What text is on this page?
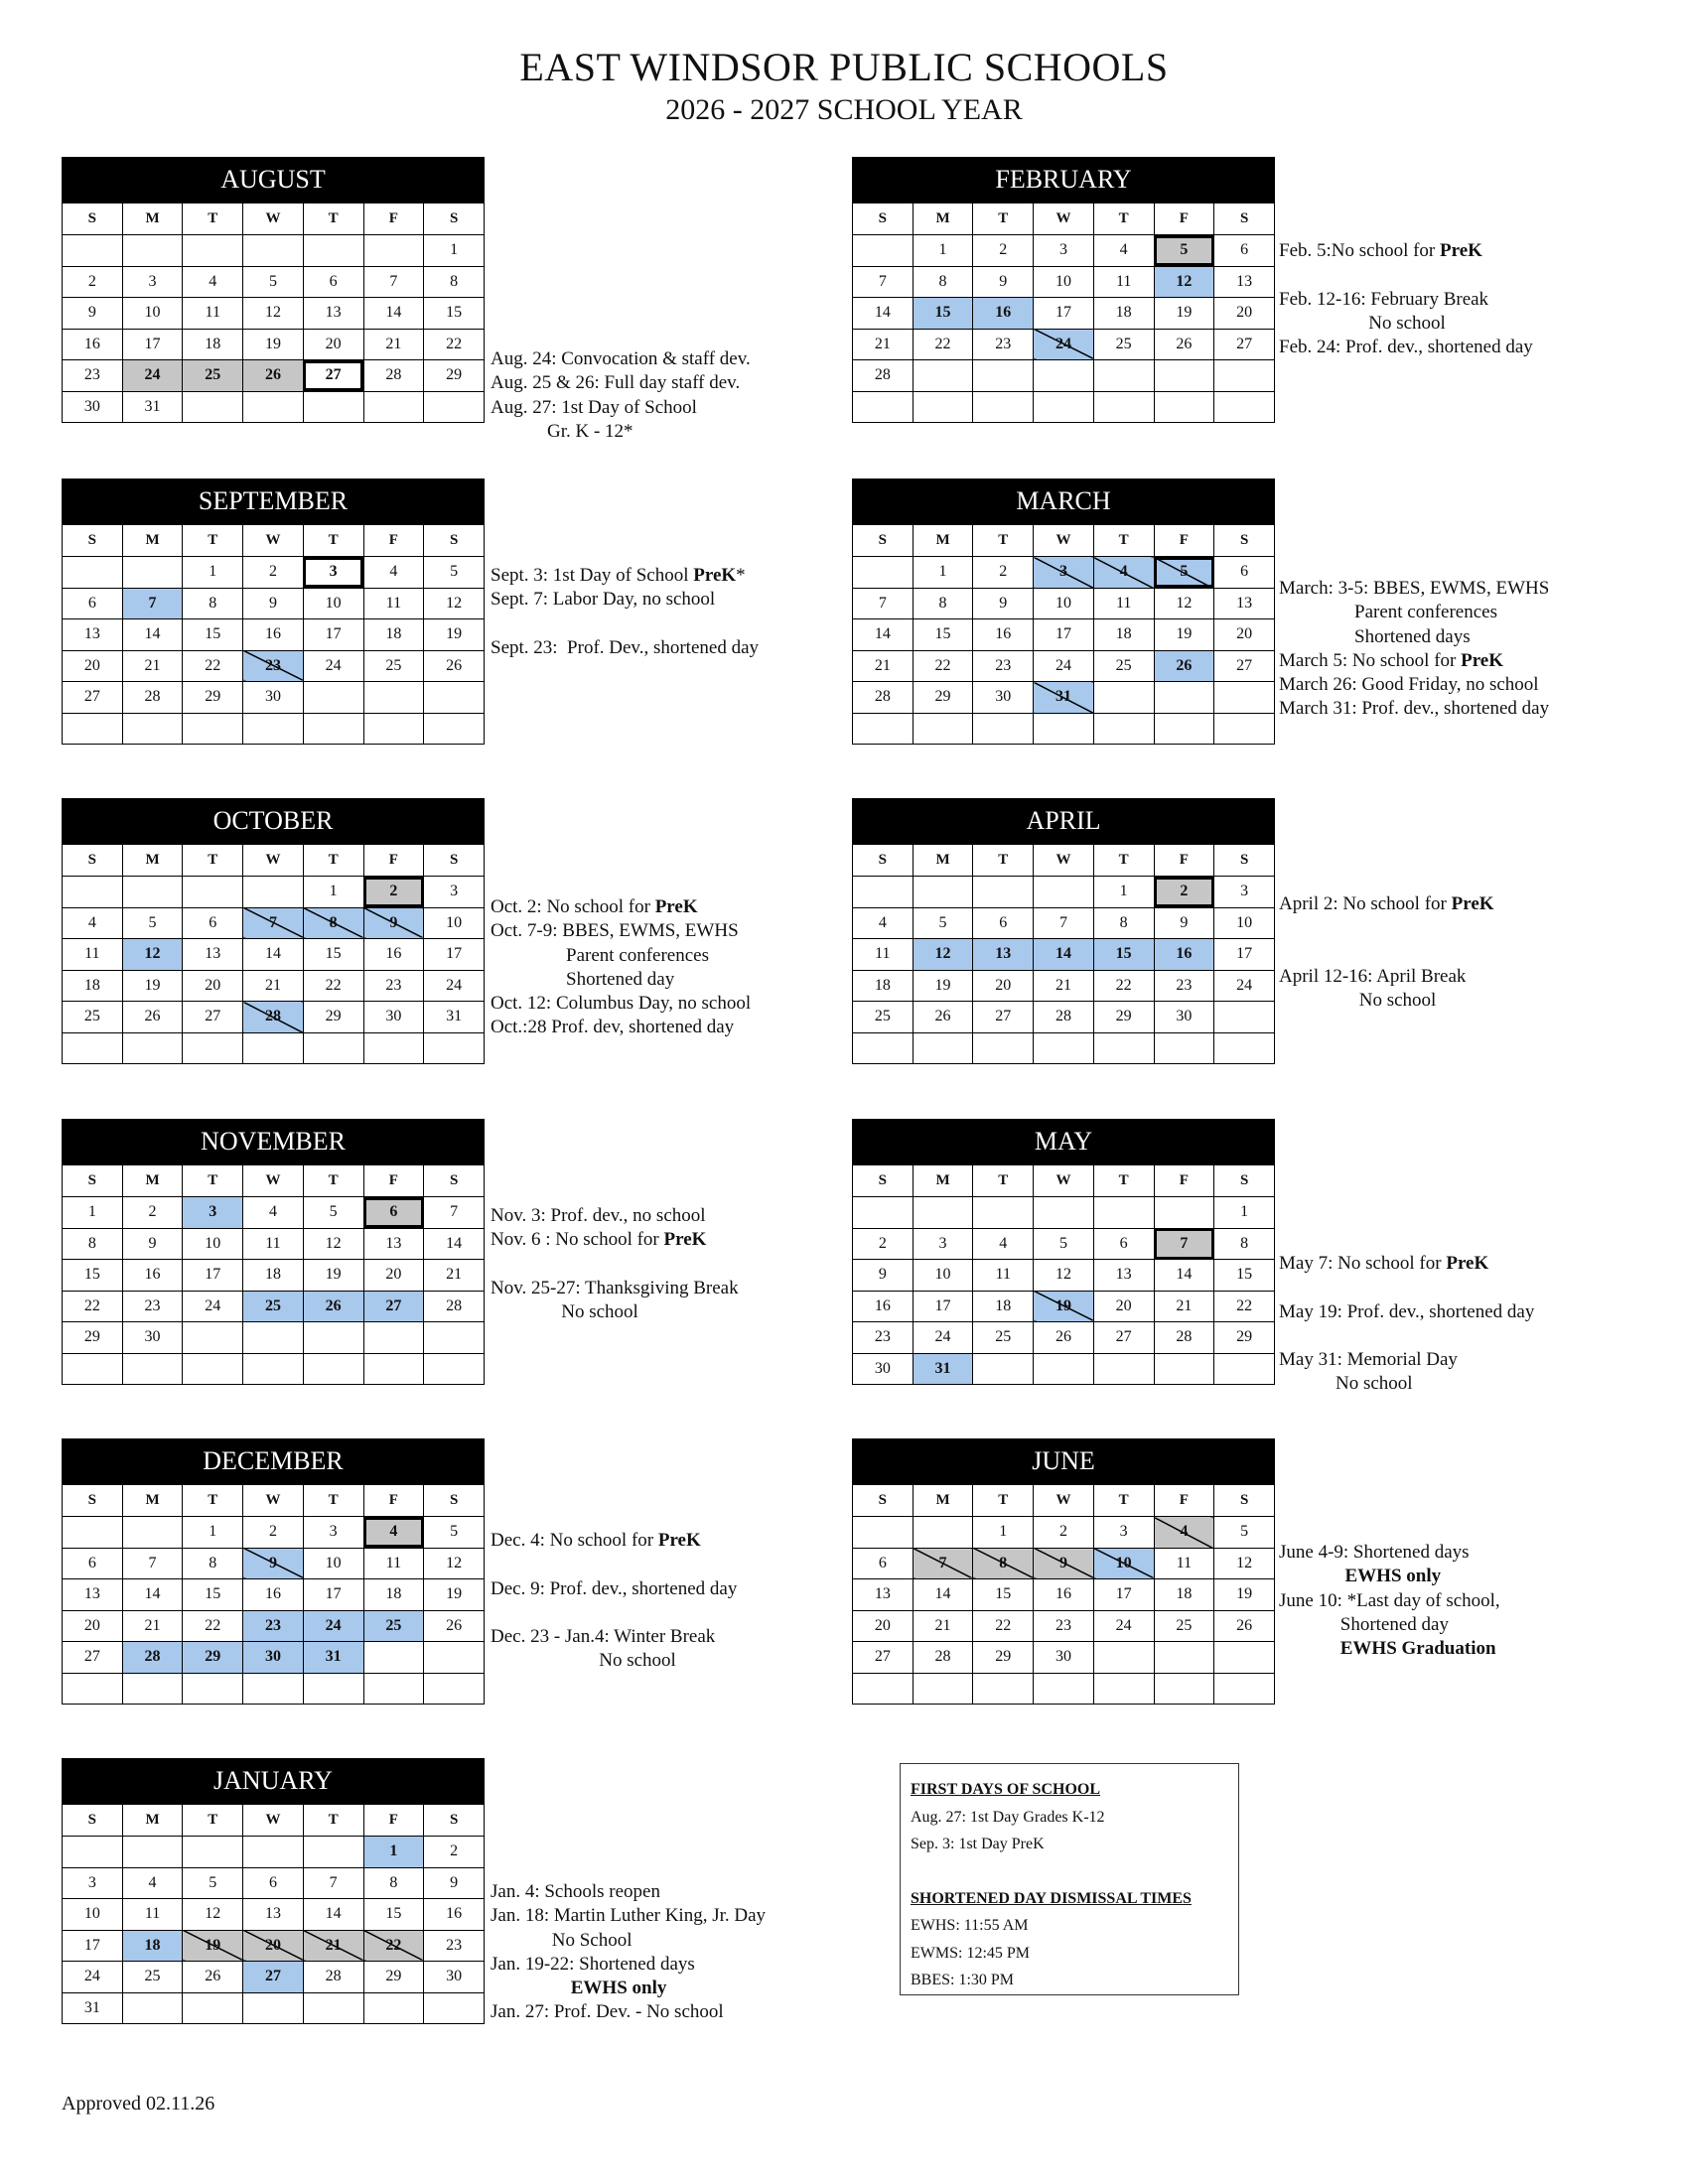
EAST WINDSOR PUBLIC SCHOOLS
2026 - 2027 SCHOOL YEAR
AUGUST
S	M	T	W	T	F	S
						1
2	3	4	5	6	7	8
9	10	11	12	13	14	15
16	17	18	19	20	21	22
23	24	25	26	27	28	29
30	31					
Aug. 24: Convocation & staff dev.
Aug. 25 & 26: Full day staff dev.
Aug. 27: 1st Day of School
Gr. K - 12*
SEPTEMBER
S	M	T	W	T	F	S
		1	2	3	4	5
6	7	8	9	10	11	12
13	14	15	16	17	18	19
20	21	22	23	24	25	26
27	28	29	30			

Sept. 3: 1st Day of School PreK*
Sept. 7: Labor Day, no school

Sept. 23:  Prof. Dev., shortened day
OCTOBER
S	M	T	W	T	F	S
				1	2	3
4	5	6	7	8	9	10
11	12	13	14	15	16	17
18	19	20	21	22	23	24
25	26	27	28	29	30	31

Oct. 2: No school for PreK
Oct. 7-9: BBES, EWMS, EWHS
Parent conferences
Shortened day
Oct. 12: Columbus Day, no school
Oct.:28 Prof. dev, shortened day
NOVEMBER
S	M	T	W	T	F	S
1	2	3	4	5	6	7
8	9	10	11	12	13	14
15	16	17	18	19	20	21
22	23	24	25	26	27	28
29	30					

Nov. 3: Prof. dev., no school
Nov. 6 : No school for PreK

Nov. 25-27: Thanksgiving Break
No school
DECEMBER
S	M	T	W	T	F	S
		1	2	3	4	5
6	7	8	9	10	11	12
13	14	15	16	17	18	19
20	21	22	23	24	25	26
27	28	29	30	31		

Dec. 4: No school for PreK

Dec. 9: Prof. dev., shortened day

Dec. 23 - Jan.4: Winter Break
No school
JANUARY
S	M	T	W	T	F	S
					1	2
3	4	5	6	7	8	9
10	11	12	13	14	15	16
17	18	19	20	21	22	23
24	25	26	27	28	29	30
31						
Jan. 4: Schools reopen
Jan. 18: Martin Luther King, Jr. Day
No School
Jan. 19-22: Shortened days
EWHS only
Jan. 27: Prof. Dev. - No school
FEBRUARY
S	M	T	W	T	F	S
	1	2	3	4	5	6
7	8	9	10	11	12	13
14	15	16	17	18	19	20
21	22	23	24	25	26	27
28						

Feb. 5:No school for PreK

Feb. 12-16: February Break
No school
Feb. 24: Prof. dev., shortened day
MARCH
S	M	T	W	T	F	S
	1	2	3	4	5	6
7	8	9	10	11	12	13
14	15	16	17	18	19	20
21	22	23	24	25	26	27
28	29	30	31			

March: 3-5: BBES, EWMS, EWHS
Parent conferences
Shortened days
March 5: No school for PreK
March 26: Good Friday, no school
March 31: Prof. dev., shortened day
APRIL
S	M	T	W	T	F	S
				1	2	3
4	5	6	7	8	9	10
11	12	13	14	15	16	17
18	19	20	21	22	23	24
25	26	27	28	29	30	

April 2: No school for PreK

April 12-16: April Break
No school
MAY
S	M	T	W	T	F	S
						1
2	3	4	5	6	7	8
9	10	11	12	13	14	15
16	17	18	19	20	21	22
23	24	25	26	27	28	29
30	31					
May 7: No school for PreK

May 19: Prof. dev., shortened day

May 31: Memorial Day
No school
JUNE
S	M	T	W	T	F	S
		1	2	3	4	5
6	7	8	9	10	11	12
13	14	15	16	17	18	19
20	21	22	23	24	25	26
27	28	29	30			

June 4-9: Shortened days
EWHS only
June 10: *Last day of school,
Shortened day
EWHS Graduation
FIRST DAYS OF SCHOOL
Aug. 27: 1st Day Grades K-12
Sep. 3: 1st Day PreK
SHORTENED DAY DISMISSAL TIMES
EWHS: 11:55 AM
EWMS: 12:45 PM
BBES: 1:30 PM
Approved 02.11.26
